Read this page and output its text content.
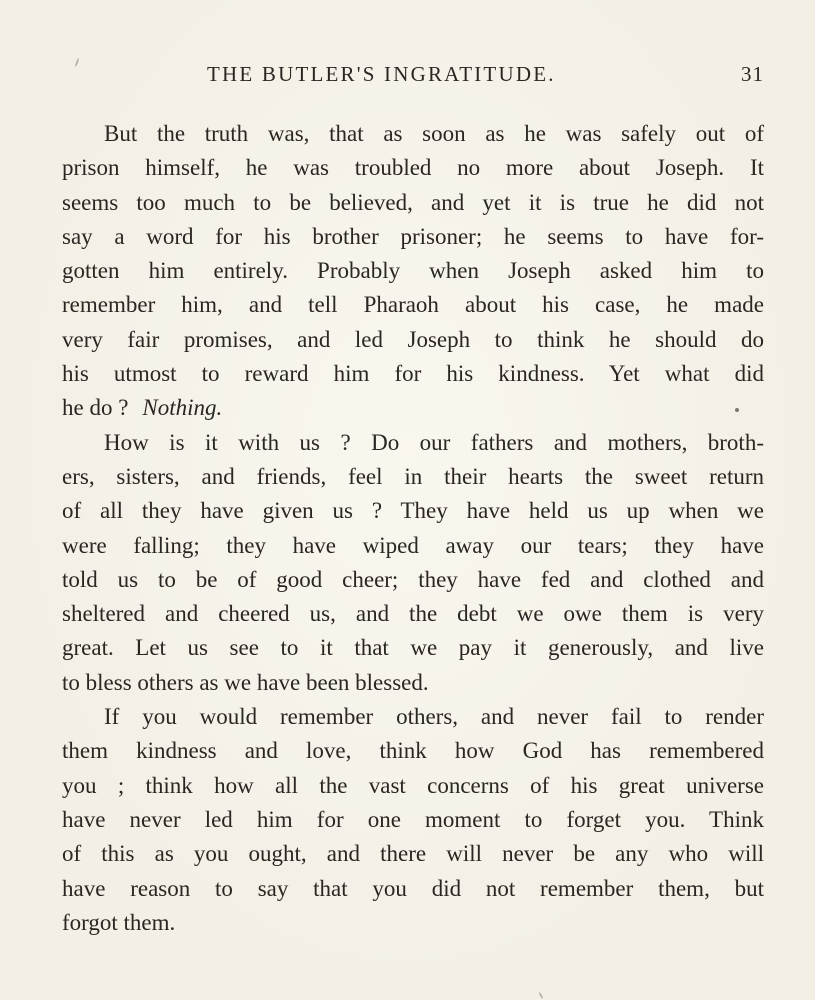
THE BUTLER'S INGRATITUDE.	31
But the truth was, that as soon as he was safely out of
prison himself, he was troubled no more about Joseph. It
seems too much to be believed, and yet it is true he did not
say a word for his brother prisoner; he seems to have for-
gotten him entirely. Probably when Joseph asked him to
remember him, and tell Pharaoh about his case, he made
very fair promises, and led Joseph to think he should do
his utmost to reward him for his kindness. Yet what did
he do ? Nothing.
How is it with us ? Do our fathers and mothers, broth-
ers, sisters, and friends, feel in their hearts the sweet return
of all they have given us ? They have held us up when we
were falling; they have wiped away our tears; they have
told us to be of good cheer; they have fed and clothed and
sheltered and cheered us, and the debt we owe them is very
great. Let us see to it that we pay it generously, and live
to bless others as we have been blessed.
If you would remember others, and never fail to render
them kindness and love, think how God has remembered
you ; think how all the vast concerns of his great universe
have never led him for one moment to forget you. Think
of this as you ought, and there will never be any who will
have reason to say that you did not remember them, but
forgot them.
